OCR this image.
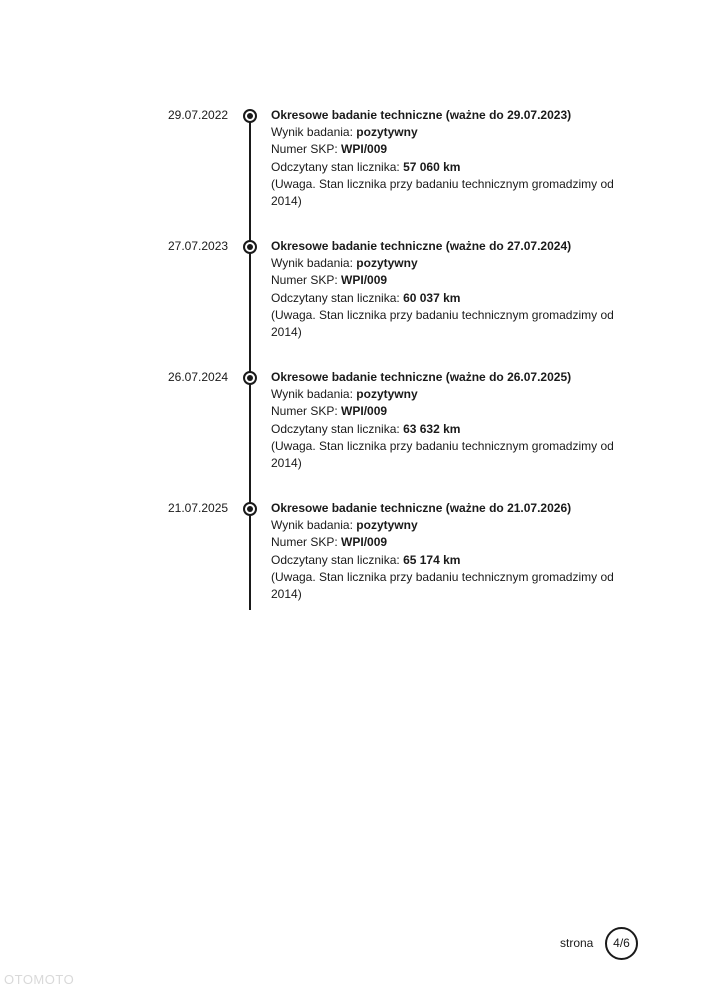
29.07.2022	Okresowe badanie techniczne (ważne do 29.07.2023)
Wynik badania: pozytywny
Numer SKP: WPI/009
Odczytany stan licznika: 57 060 km
(Uwaga. Stan licznika przy badaniu technicznym gromadzimy od 2014)
27.07.2023	Okresowe badanie techniczne (ważne do 27.07.2024)
Wynik badania: pozytywny
Numer SKP: WPI/009
Odczytany stan licznika: 60 037 km
(Uwaga. Stan licznika przy badaniu technicznym gromadzimy od 2014)
26.07.2024	Okresowe badanie techniczne (ważne do 26.07.2025)
Wynik badania: pozytywny
Numer SKP: WPI/009
Odczytany stan licznika: 63 632 km
(Uwaga. Stan licznika przy badaniu technicznym gromadzimy od 2014)
21.07.2025	Okresowe badanie techniczne (ważne do 21.07.2026)
Wynik badania: pozytywny
Numer SKP: WPI/009
Odczytany stan licznika: 65 174 km
(Uwaga. Stan licznika przy badaniu technicznym gromadzimy od 2014)
strona	4/6
OTOMOTO
